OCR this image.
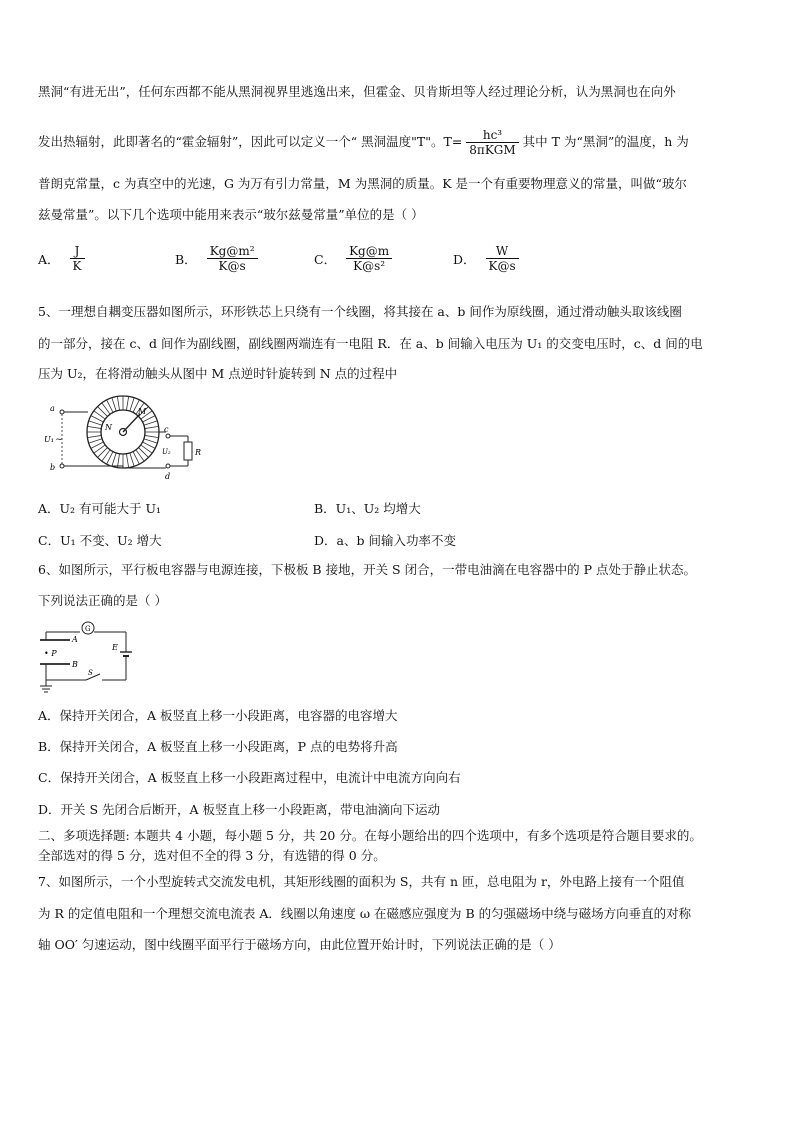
黑洞“有进无出”，任何东西都不能从黑洞视界里逃逸出来，但霍金、贝肯斯坦等人经过理论分析，认为黑洞也在向外
发出热辐射，此即著名的“霍金辐射”，因此可以定义一个“ 黑洞温度"T"。$T= \frac{\text{hc³}}{\text{8πKGM}}$ 其中 T 为“黑洞”的温度，h 为
普朗克常量，c 为真空中的光速，G 为万有引力常量，M 为黑洞的质量。K 是一个有重要物理意义的常量，叫做“玻尔
兹曼常量”。以下几个选项中能用来表示“玻尔兹曼常量”单位的是（ ）
A． $\frac{J}{K}$	B． $\frac{\text{Kg@m²}}{K@s}$	C． $\frac{Kg@m}{\text{K@s²}}$	D． $\frac{W}{K@s}$
5、一理想自耦变压器如图所示，环形铁芯上只绕有一个线圈，将其接在 a、b 间作为原线圈，通过滑动触头取该线圈
的一部分，接在 c、d 间作为副线圈，副线圈两端连有一电阻 R．在 a、b 间输入电压为 U₁ 的交变电压时，c、d 间的电
压为 U₂，在将滑动触头从图中 M 点逆时针旋转到 N 点的过程中
M
N
a
b
U₁ ∼
R
c
d
U₂
A．U₂ 有可能大于 U₁	B．U₁、U₂ 均增大
C．U₁ 不变、U₂ 增大	D．a、b 间输入功率不变
6、如图所示，平行板电容器与电源连接，下极板 B 接地，开关 S 闭合，一带电油滴在电容器中的 P 点处于静止状态。
下列说法正确的是（ ）
G
A
B
• P
S
E
A．保持开关闭合，A 板竖直上移一小段距离，电容器的电容增大
B．保持开关闭合，A 板竖直上移一小段距离，P 点的电势将升高
C．保持开关闭合，A 板竖直上移一小段距离过程中，电流计中电流方向向右
D．开关 S 先闭合后断开，A 板竖直上移一小段距离，带电油滴向下运动
二、多项选择题: 本题共 4 小题，每小题 5 分，共 20 分。在每小题给出的四个选项中，有多个选项是符合题目要求的。
全部选对的得 5 分，选对但不全的得 3 分，有选错的得 0 分。
7、如图所示，一个小型旋转式交流发电机，其矩形线圈的面积为 S，共有 n 匝，总电阻为 r，外电路上接有一个阻值
为 R 的定值电阻和一个理想交流电流表 A．线圈以角速度 ω 在磁感应强度为 B 的匀强磁场中绕与磁场方向垂直的对称
轴 OO′ 匀速运动，图中线圈平面平行于磁场方向，由此位置开始计时，下列说法正确的是（ ）
